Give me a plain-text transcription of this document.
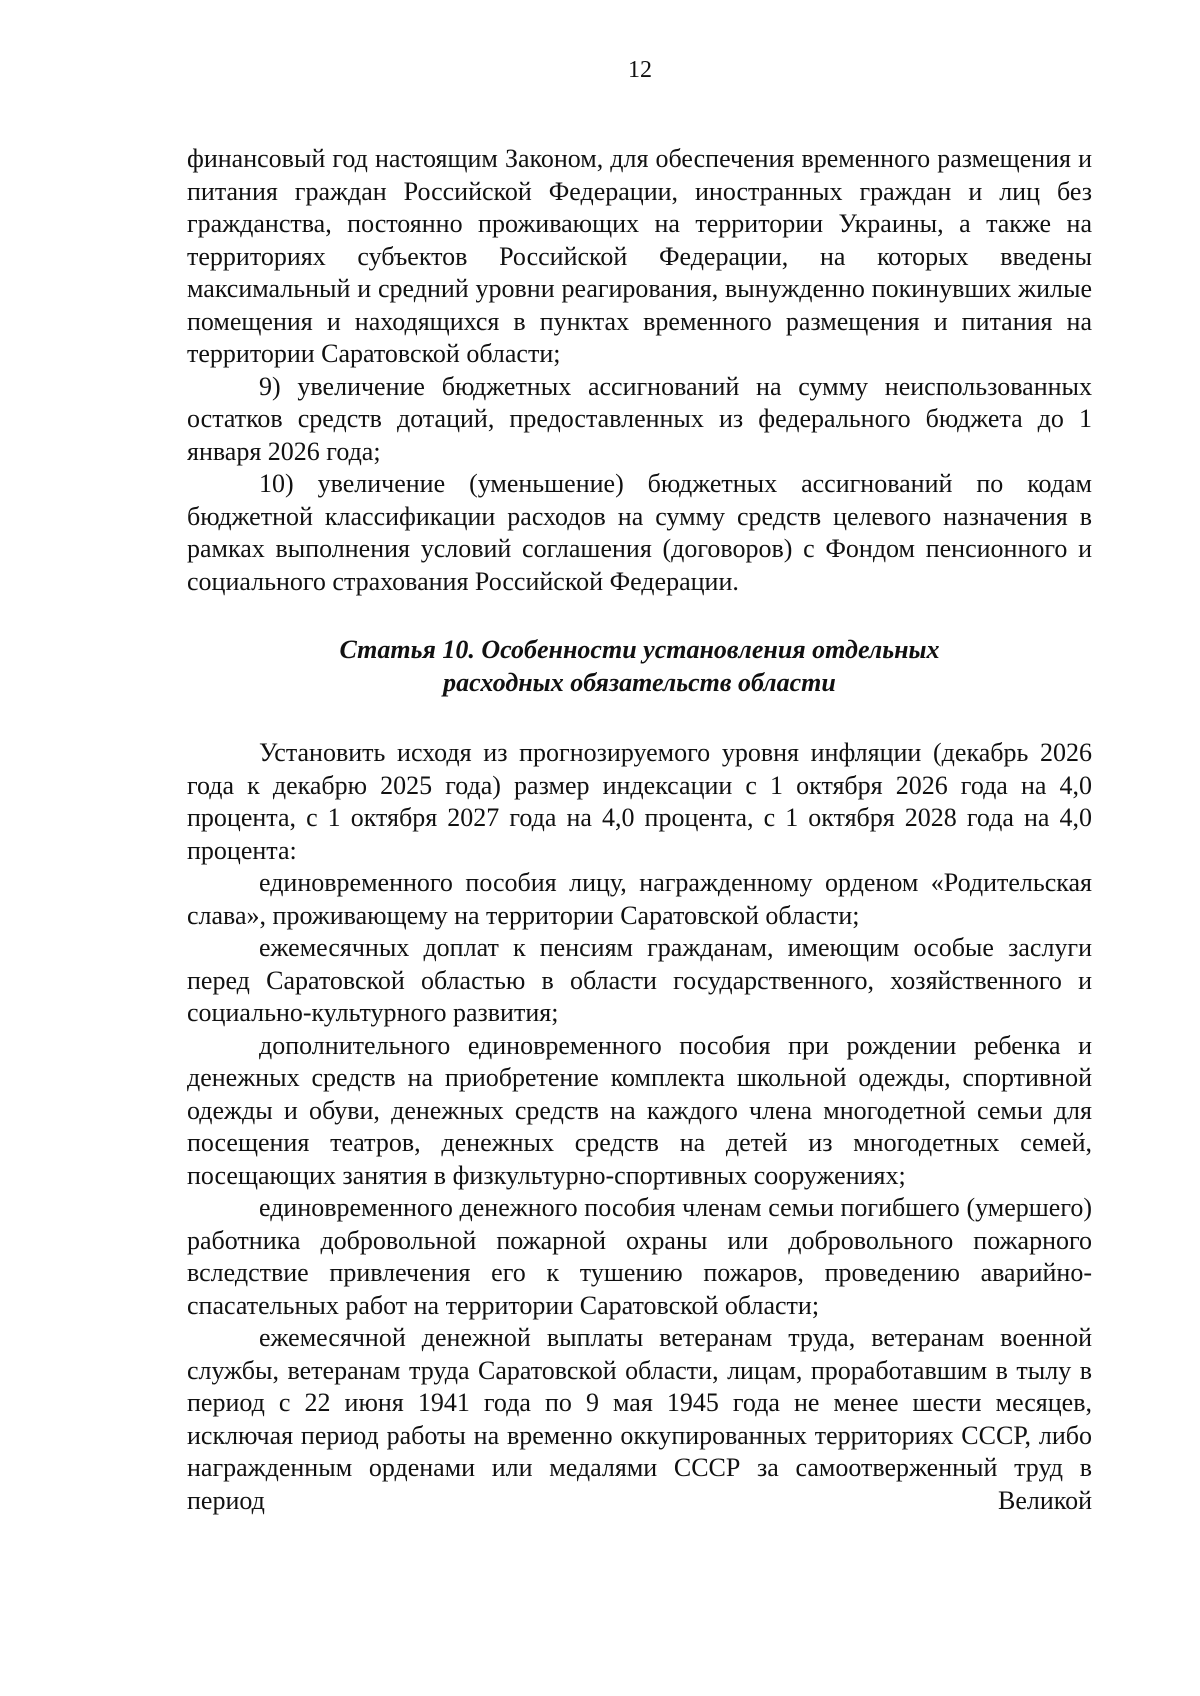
12

финансовый год настоящим Законом, для обеспечения временного размещения и питания граждан Российской Федерации, иностранных граждан и лиц без гражданства, постоянно проживающих на территории Украины, а также на территориях субъектов Российской Федерации, на которых введены максимальный и средний уровни реагирования, вынужденно покинувших жилые помещения и находящихся в пунктах временного размещения и питания на территории Саратовской области;

9) увеличение бюджетных ассигнований на сумму неиспользованных остатков средств дотаций, предоставленных из федерального бюджета до 1 января 2026 года;

10) увеличение (уменьшение) бюджетных ассигнований по кодам бюджетной классификации расходов на сумму средств целевого назначения в рамках выполнения условий соглашения (договоров) с Фондом пенсионного и социального страхования Российской Федерации.

Статья 10. Особенности установления отдельных
расходных обязательств области

Установить исходя из прогнозируемого уровня инфляции (декабрь 2026 года к декабрю 2025 года) размер индексации с 1 октября 2026 года на 4,0 процента, с 1 октября 2027 года на 4,0 процента, с 1 октября 2028 года на 4,0 процента:

единовременного пособия лицу, награжденному орденом «Родительская слава», проживающему на территории Саратовской области;

ежемесячных доплат к пенсиям гражданам, имеющим особые заслуги перед Саратовской областью в области государственного, хозяйственного и социально-культурного развития;

дополнительного единовременного пособия при рождении ребенка и денежных средств на приобретение комплекта школьной одежды, спортивной одежды и обуви, денежных средств на каждого члена многодетной семьи для посещения театров, денежных средств на детей из многодетных семей, посещающих занятия в физкультурно-спортивных сооружениях;

единовременного денежного пособия членам семьи погибшего (умершего) работника добровольной пожарной охраны или добровольного пожарного вследствие привлечения его к тушению пожаров, проведению аварийно-спасательных работ на территории Саратовской области;

ежемесячной денежной выплаты ветеранам труда, ветеранам военной службы, ветеранам труда Саратовской области, лицам, проработавшим в тылу в период с 22 июня 1941 года по 9 мая 1945 года не менее шести месяцев, исключая период работы на временно оккупированных территориях СССР, либо награжденным орденами или медалями СССР за самоотверженный труд в период Великой
